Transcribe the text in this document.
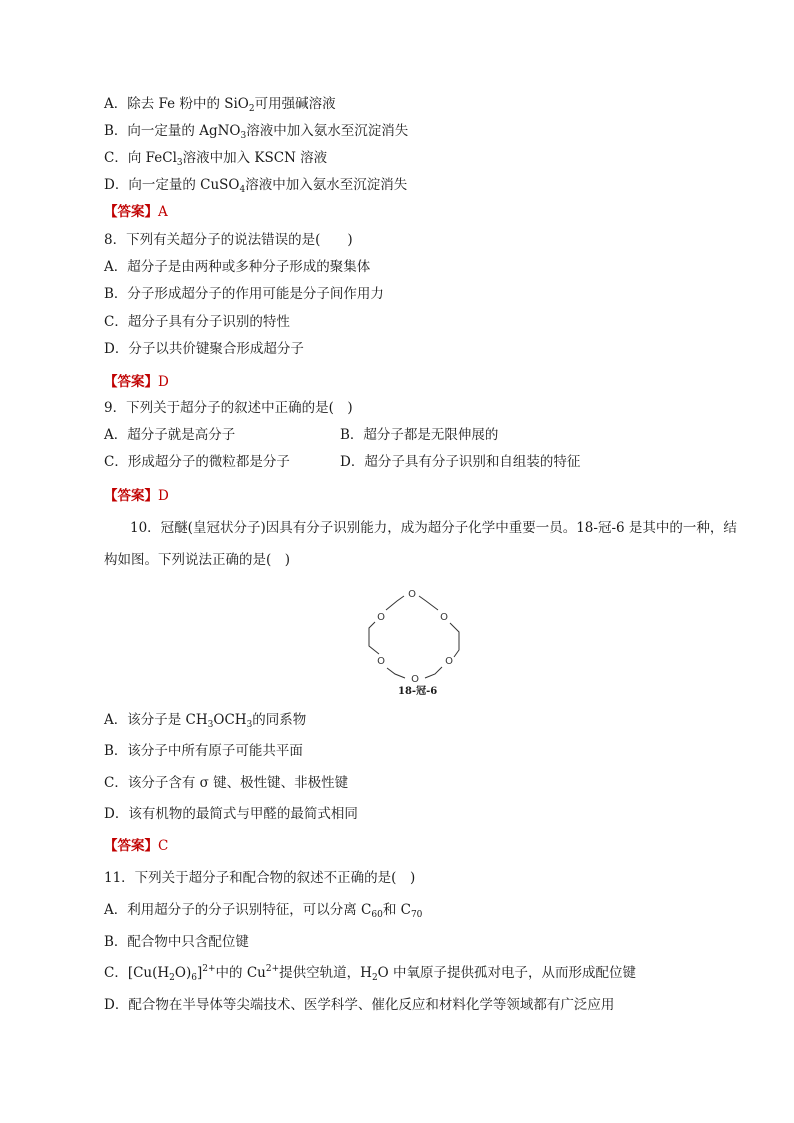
A．除去 Fe 粉中的 SiO$_2$可用强碱溶液
B．向一定量的 AgNO$_3$溶液中加入氨水至沉淀消失
C．向 FeCl$_3$溶液中加入 KSCN 溶液
D．向一定量的 CuSO$_4$溶液中加入氨水至沉淀消失
【答案】A
8．下列有关超分子的说法错误的是(　　)
A．超分子是由两种或多种分子形成的聚集体
B．分子形成超分子的作用可能是分子间作用力
C．超分子具有分子识别的特性
D．分子以共价键聚合形成超分子
【答案】D
9．下列关于超分子的叙述中正确的是(　)
A．超分子就是高分子	B．超分子都是无限伸展的
C．形成超分子的微粒都是分子	D．超分子具有分子识别和自组装的特征
【答案】D
10．冠醚(皇冠状分子)因具有分子识别能力，成为超分子化学中重要一员。18-冠-6 是其中的一种，结
构如图。下列说法正确的是(　)
O
O
O
O
O
O
18-冠-6
A．该分子是 $CH_3OCH_3$的同系物
B．该分子中所有原子可能共平面
C．该分子含有 σ 键、极性键、非极性键
D．该有机物的最简式与甲醛的最简式相同
【答案】C
11．下列关于超分子和配合物的叙述不正确的是(　)
A．利用超分子的分子识别特征，可以分离 $C_{60}$和 $C_{70}$
B．配合物中只含配位键
C．$[Cu(H_2O)_6]^{2+}$中的 $Cu^{2+}$提供空轨道，$H_2O$ 中氧原子提供孤对电子，从而形成配位键
D．配合物在半导体等尖端技术、医学科学、催化反应和材料化学等领域都有广泛应用
